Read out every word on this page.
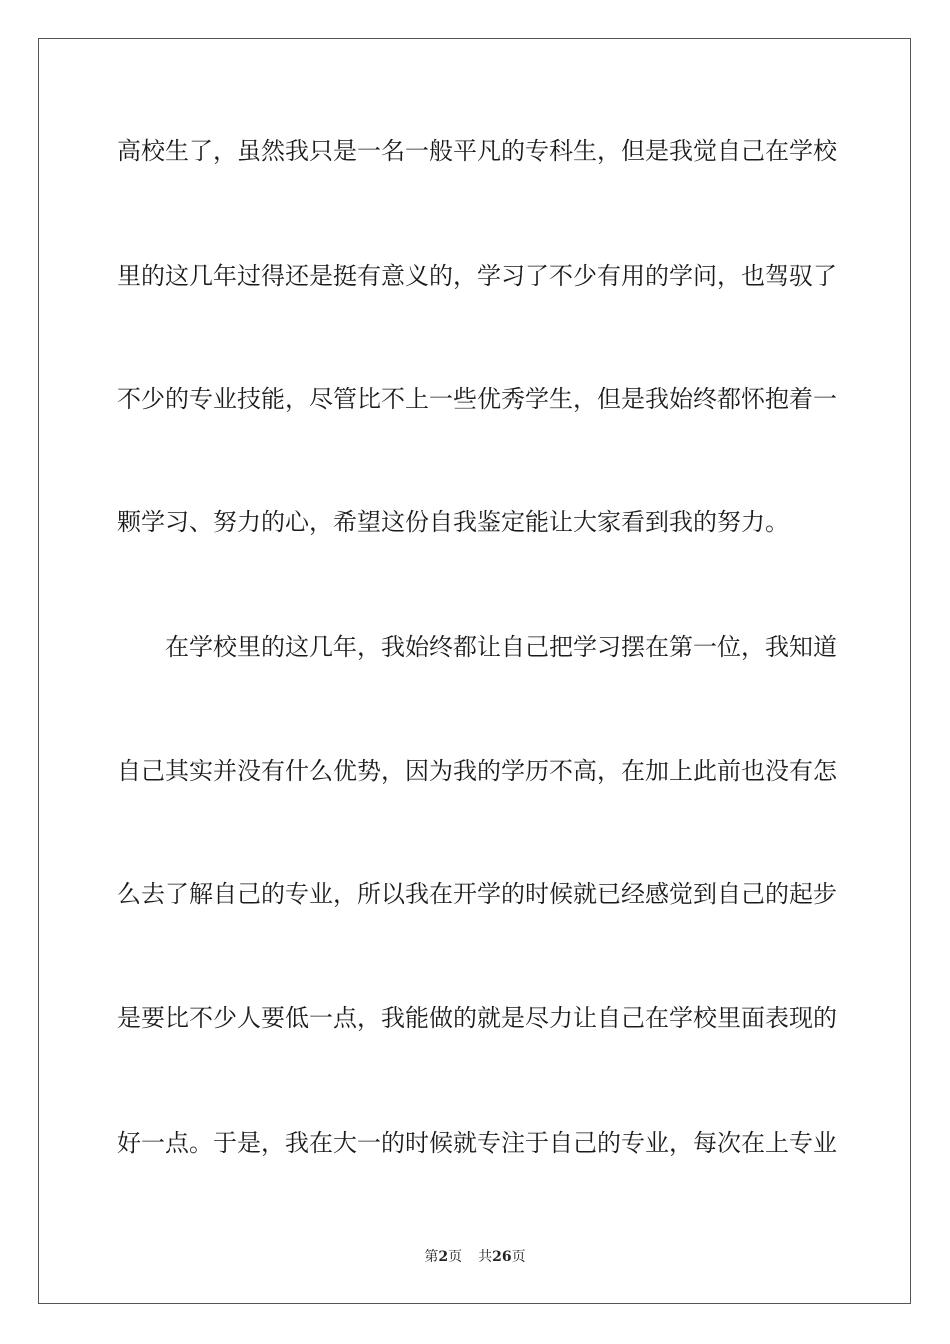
高校生了，虽然我只是一名一般平凡的专科生，但是我觉自己在学校
里的这几年过得还是挺有意义的，学习了不少有用的学问，也驾驭了
不少的专业技能，尽管比不上一些优秀学生，但是我始终都怀抱着一
颗学习、努力的心，希望这份自我鉴定能让大家看到我的努力。
在学校里的这几年，我始终都让自己把学习摆在第一位，我知道
自己其实并没有什么优势，因为我的学历不高，在加上此前也没有怎
么去了解自己的专业，所以我在开学的时候就已经感觉到自己的起步
是要比不少人要低一点，我能做的就是尽力让自己在学校里面表现的
好一点。于是，我在大一的时候就专注于自己的专业，每次在上专业
第2页 共26页
